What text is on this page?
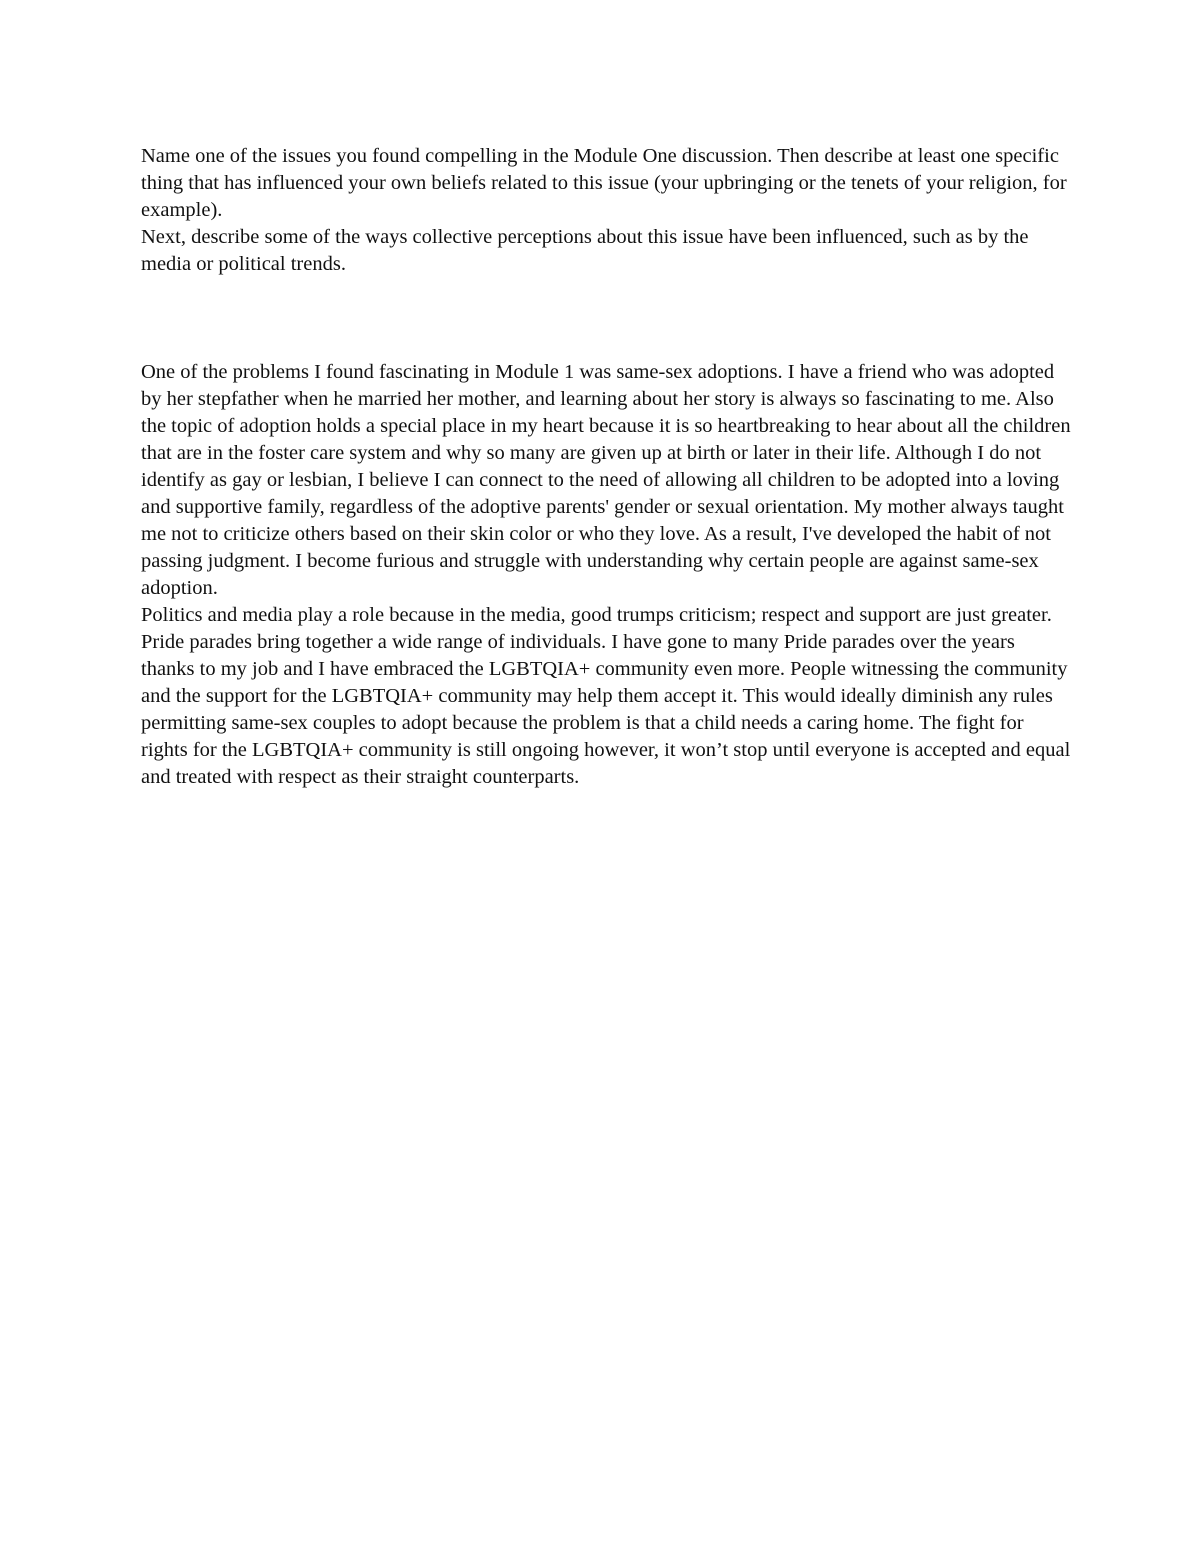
Name one of the issues you found compelling in the Module One discussion. Then describe at least one specific thing that has influenced your own beliefs related to this issue (your upbringing or the tenets of your religion, for example).

Next, describe some of the ways collective perceptions about this issue have been influenced, such as by the media or political trends.

One of the problems I found fascinating in Module 1 was same-sex adoptions. I have a friend who was adopted by her stepfather when he married her mother, and learning about her story is always so fascinating to me. Also the topic of adoption holds a special place in my heart because it is so heartbreaking to hear about all the children that are in the foster care system and why so many are given up at birth or later in their life. Although I do not identify as gay or lesbian, I believe I can connect to the need of allowing all children to be adopted into a loving and supportive family, regardless of the adoptive parents' gender or sexual orientation. My mother always taught me not to criticize others based on their skin color or who they love. As a result, I've developed the habit of not passing judgment. I become furious and struggle with understanding why certain people are against same-sex adoption.

Politics and media play a role because in the media, good trumps criticism; respect and support are just greater. Pride parades bring together a wide range of individuals. I have gone to many Pride parades over the years thanks to my job and I have embraced the LGBTQIA+ community even more. People witnessing the community and the support for the LGBTQIA+ community may help them accept it. This would ideally diminish any rules permitting same-sex couples to adopt because the problem is that a child needs a caring home. The fight for rights for the LGBTQIA+ community is still ongoing however, it won’t stop until everyone is accepted and equal and treated with respect as their straight counterparts.
